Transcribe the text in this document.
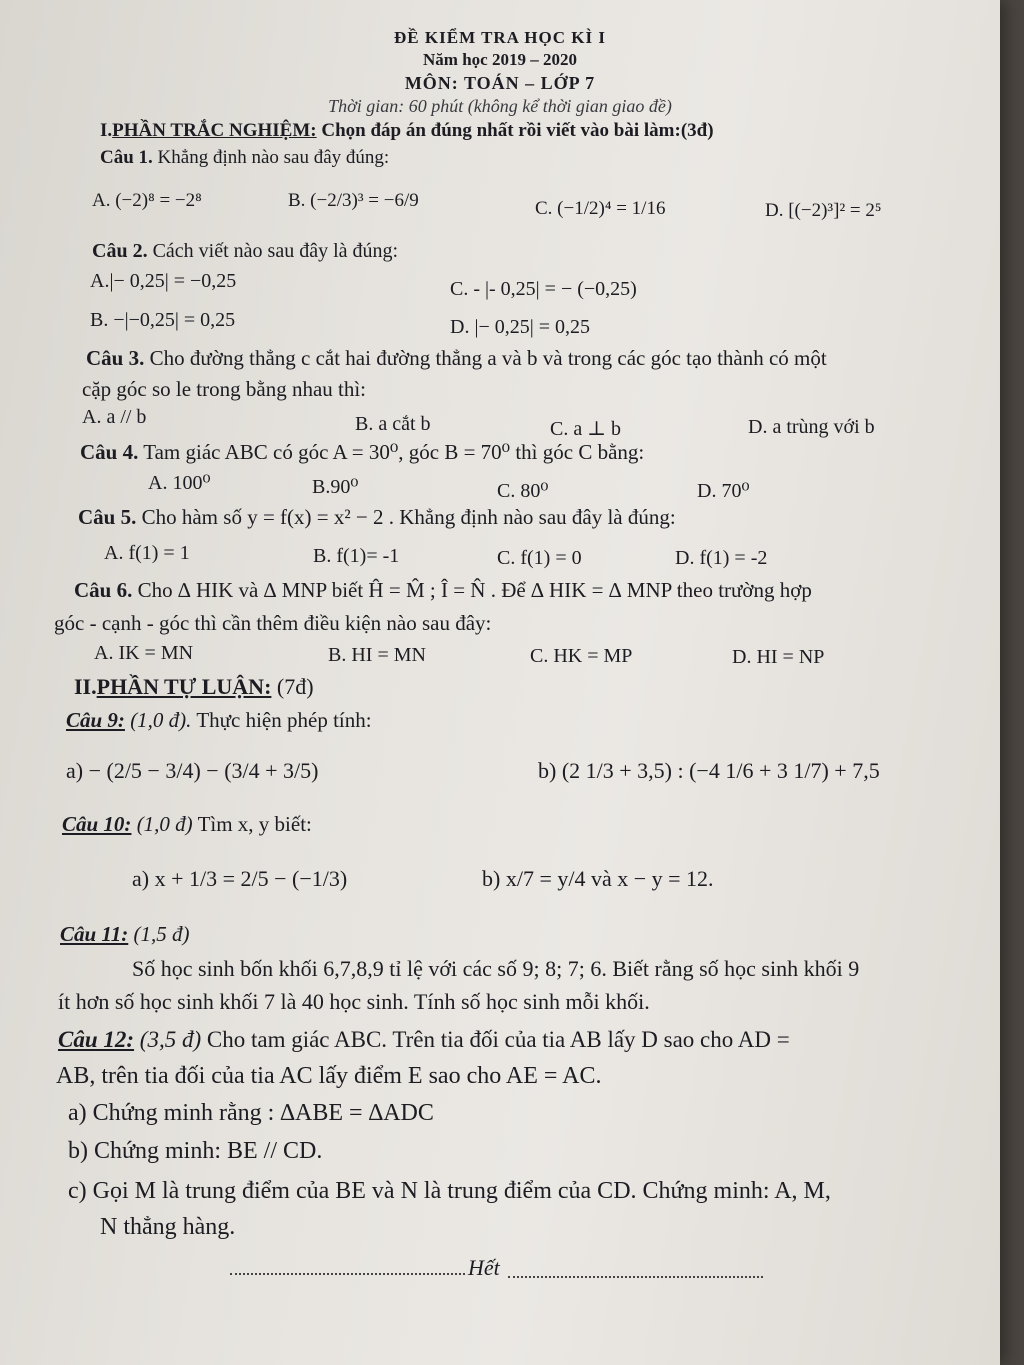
ĐỀ KIỂM TRA HỌC KÌ I
Năm học 2019 – 2020
MÔN: TOÁN – LỚP 7
Thời gian: 60 phút (không kể thời gian giao đề)
I.PHẦN TRẮC NGHIỆM: Chọn đáp án đúng nhất rồi viết vào bài làm:(3đ)
Câu 1. Khẳng định nào sau đây đúng:
A. (−2)⁸ = −2⁸	B. (−2/3)³ = −6/9	C. (−1/2)⁴ = 1/16	D. [(−2)³]² = 2⁵
Câu 2. Cách viết nào sau đây là đúng:
A.|− 0,25| = −0,25	C. - |- 0,25| = − (−0,25)
B. −|−0,25| = 0,25	D. |− 0,25| = 0,25
Câu 3. Cho đường thẳng c cắt hai đường thẳng a và b và trong các góc tạo thành có một
cặp góc so le trong bằng nhau thì:
A. a // b	B. a cắt b	C. a ⊥ b	D. a trùng với b
Câu 4. Tam giác ABC có góc A = 30⁰, góc B = 70⁰ thì góc C bằng:
A. 100⁰	B.90⁰	C. 80⁰	D. 70⁰
Câu 5. Cho hàm số y = f(x) = x² − 2 . Khẳng định nào sau đây là đúng:
A. f(1) = 1	B. f(1)= -1	C. f(1) = 0	D. f(1) = -2
Câu 6. Cho ∆ HIK và ∆ MNP biết Ĥ = M̂ ; Î = N̂ . Để ∆ HIK = ∆ MNP theo trường hợp
góc - cạnh - góc thì cần thêm điều kiện nào sau đây:
A. IK = MN	B. HI = MN	C. HK = MP	D. HI = NP
II.PHẦN TỰ LUẬN: (7đ)
Câu 9: (1,0 đ). Thực hiện phép tính:
a) − (2/5 − 3/4) − (3/4 + 3/5)	b) (2 1/3 + 3,5) : (−4 1/6 + 3 1/7) + 7,5
Câu 10: (1,0 đ) Tìm x, y biết:
a) x + 1/3 = 2/5 − (−1/3)	b) x/7 = y/4 và x − y = 12.
Câu 11: (1,5 đ)
Số học sinh bốn khối 6,7,8,9 tỉ lệ với các số 9; 8; 7; 6. Biết rằng số học sinh khối 9
ít hơn số học sinh khối 7 là 40 học sinh. Tính số học sinh mỗi khối.
Câu 12: (3,5 đ) Cho tam giác ABC. Trên tia đối của tia AB lấy D sao cho AD =
AB, trên tia đối của tia AC lấy điểm E sao cho AE = AC.
a) Chứng minh rằng : ∆ABE = ∆ADC
b) Chứng minh: BE // CD.
c) Gọi M là trung điểm của BE và N là trung điểm của CD. Chứng minh: A, M,
N thẳng hàng.
Hết
